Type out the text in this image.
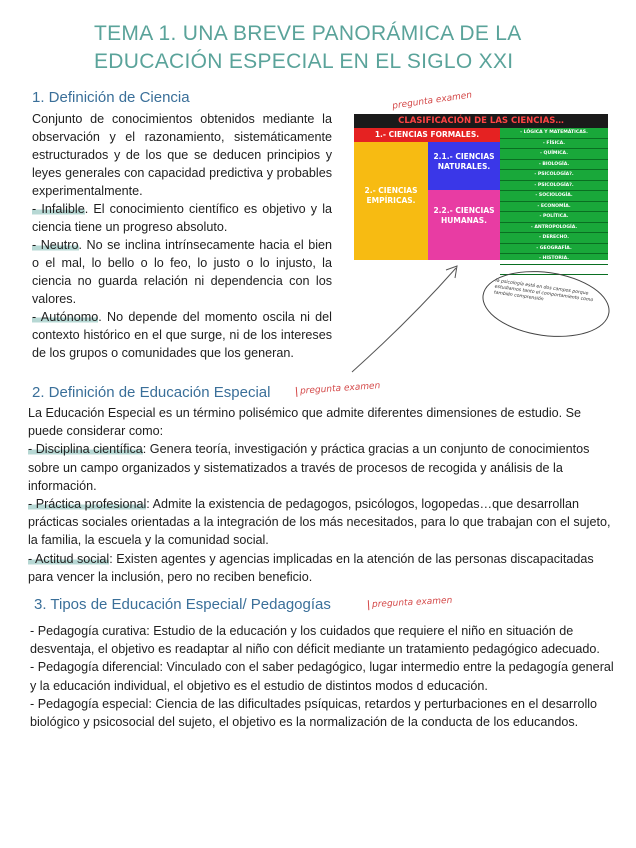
TEMA 1. UNA BREVE PANORÁMICA DE LA EDUCACIÓN ESPECIAL EN EL SIGLO XXI
1. Definición de Ciencia	pregunta examen

Conjunto de conocimientos obtenidos mediante la observación y el razonamiento, sistemáticamente estructurados y de los que se deducen principios y leyes generales con capacidad predictiva y probables experimentalmente.

- Infalible. El conocimiento científico es objetivo y la ciencia tiene un progreso absoluto.

- Neutro. No se inclina intrínsecamente hacia el bien o el mal, lo bello o lo feo, lo justo o lo injusto, la ciencia no guarda relación ni dependencia con los valores.

- Autónomo. No depende del momento oscila ni del contexto histórico en el que surge, ni de los intereses de los grupos o comunidades que los generan.

CLASIFICACIÓN DE LAS CIENCIAS…
1.- CIENCIAS FORMALES.
2.- CIENCIAS EMPÍRICAS.
2.1.- CIENCIAS NATURALES.
2.2.- CIENCIAS HUMANAS.
- LÓGICA Y MATEMÁTICAS.
- FÍSICA.
- QUÍMICA.
- BIOLOGÍA.
- PSICOLOGÍA?.
- PSICOLOGÍA?.
- SOCIOLOGÍA.
- ECONOMÍA.
- POLÍTICA.
- ANTROPOLOGÍA.
- DERECHO.
- GEOGRAFÍA.
- HISTORIA.
- CIENCIAS DE LA EDUCACIÓN, ETC…
la psicología está en dos campos porque estudiamos tanto el comportamiento como también comprensión
2. Definición de Educación Especial	pregunta examen

La Educación Especial es un término polisémico que admite diferentes dimensiones de estudio. Se puede considerar como:

- Disciplina científica: Genera teoría, investigación y práctica gracias a un conjunto de conocimientos sobre un campo organizados y sistematizados a través de procesos de recogida y análisis de la información.

- Práctica profesional: Admite la existencia de pedagogos, psicólogos, logopedas…que desarrollan prácticas sociales orientadas a la integración de los más necesitados, para lo que trabajan con el sujeto, la familia, la escuela y la comunidad social.

- Actitud social: Existen agentes y agencias implicadas en la atención de las personas discapacitadas para vencer la inclusión, pero no reciben beneficio.

3. Tipos de Educación Especial/ Pedagogías	pregunta examen

- Pedagogía curativa: Estudio de la educación y los cuidados que requiere el niño en situación de desventaja, el objetivo es readaptar al niño con déficit mediante un tratamiento pedagógico adecuado.

- Pedagogía diferencial: Vinculado con el saber pedagógico, lugar intermedio entre la pedagogía general y la educación individual, el objetivo es el estudio de distintos modos d educación.

- Pedagogía especial: Ciencia de las dificultades psíquicas, retardos y perturbaciones en el desarrollo biológico y psicosocial del sujeto, el objetivo es la normalización de la conducta de los educandos.
